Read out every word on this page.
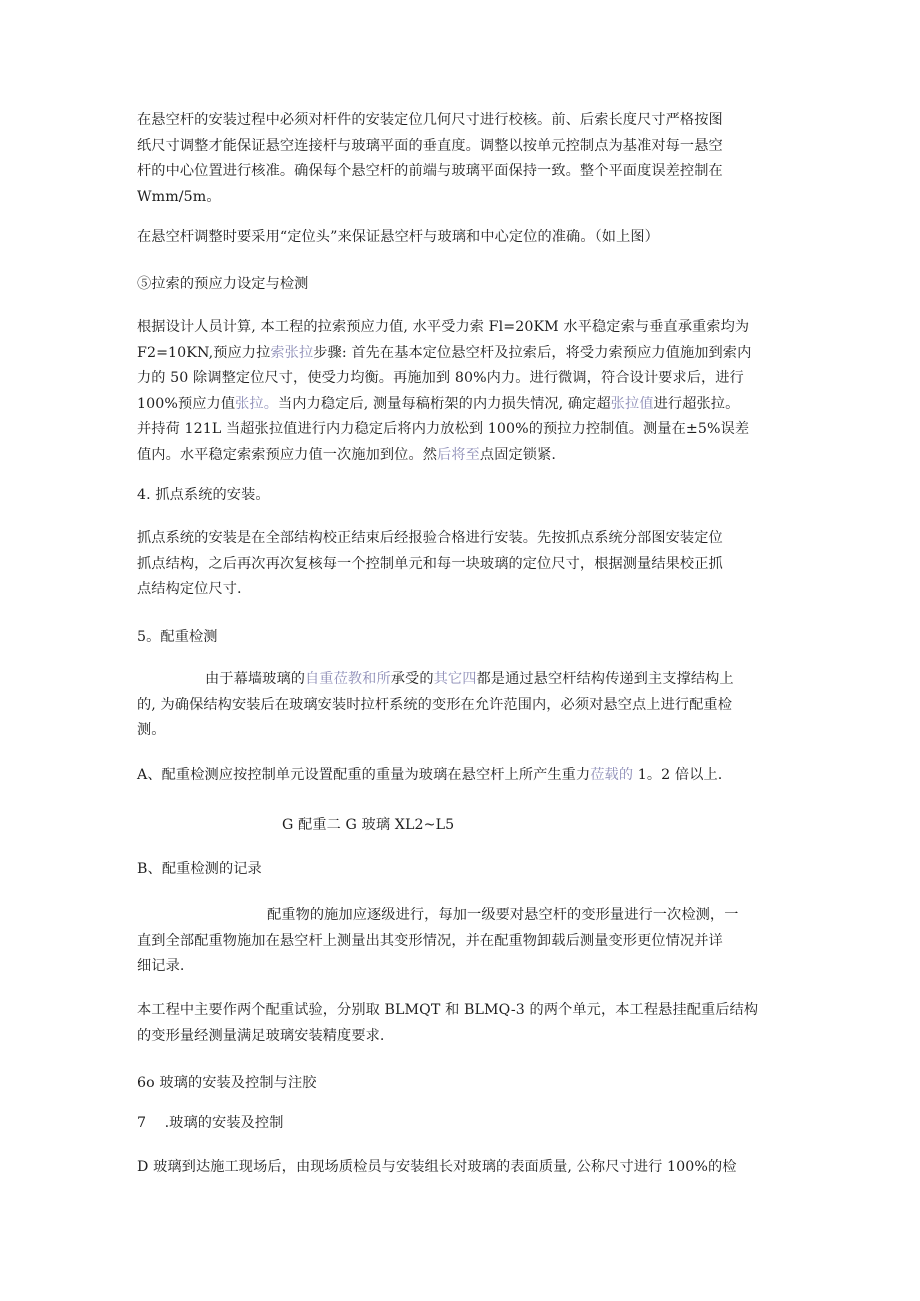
在悬空杆的安装过程中必须对杆件的安装定位几何尺寸进行校核。前、后索长度尺寸严格按图
纸尺寸调整才能保证悬空连接杆与玻璃平面的垂直度。调整以按单元控制点为基准对每一悬空
杆的中心位置进行核准。确保每个悬空杆的前端与玻璃平面保持一致。整个平面度误差控制在
Wmm/5m。
在悬空杆调整时要采用“定位头”来保证悬空杆与玻璃和中心定位的准确。（如上图）
⑤拉索的预应力设定与检测
根据设计人员计算, 本工程的拉索预应力值, 水平受力索 Fl=20KM 水平稳定索与垂直承重索均为
F2=10KN,预应力拉索张拉步骤: 首先在基本定位悬空杆及拉索后，将受力索预应力值施加到索内
力的 50 除调整定位尺寸，使受力均衡。再施加到 80%内力。进行微调，符合设计要求后，进行
100%预应力值张拉。当内力稳定后, 测量每稿桁架的内力损失情况, 确定超张拉值进行超张拉。
并持荷 121L 当超张拉值进行内力稳定后将内力放松到 100%的预拉力控制值。测量在±5%误差
值内。水平稳定索索预应力值一次施加到位。然后将至点固定锁紧.
4. 抓点系统的安装。
抓点系统的安装是在全部结构校正结束后经报验合格进行安装。先按抓点系统分部图安装定位
抓点结构，之后再次再次复核每一个控制单元和每一块玻璃的定位尺寸，根据测量结果校正抓
点结构定位尺寸.
5。配重检测
由于幕墙玻璃的自重莅教和所承受的其它四都是通过悬空杆结构传递到主支撑结构上
的, 为确保结构安装后在玻璃安装时拉杆系统的变形在允许范围内，必须对悬空点上进行配重检
测。
A、配重检测应按控制单元设置配重的重量为玻璃在悬空杆上所产生重力莅载的 1。2 倍以上.
G 配重二 G 玻璃 XL2~L5
B、配重检测的记录
配重物的施加应逐级进行，每加一级要对悬空杆的变形量进行一次检测，一
直到全部配重物施加在悬空杆上测量出其变形情况，并在配重物卸载后测量变形更位情况并详
细记录.
本工程中主要作两个配重试验，分别取 BLMQT 和 BLMQ-3 的两个单元，本工程悬挂配重后结构
的变形量经测量满足玻璃安装精度要求.
6o 玻璃的安装及控制与注胶
7    .玻璃的安装及控制
D 玻璃到达施工现场后，由现场质检员与安装组长对玻璃的表面质量, 公称尺寸进行 100%的检
